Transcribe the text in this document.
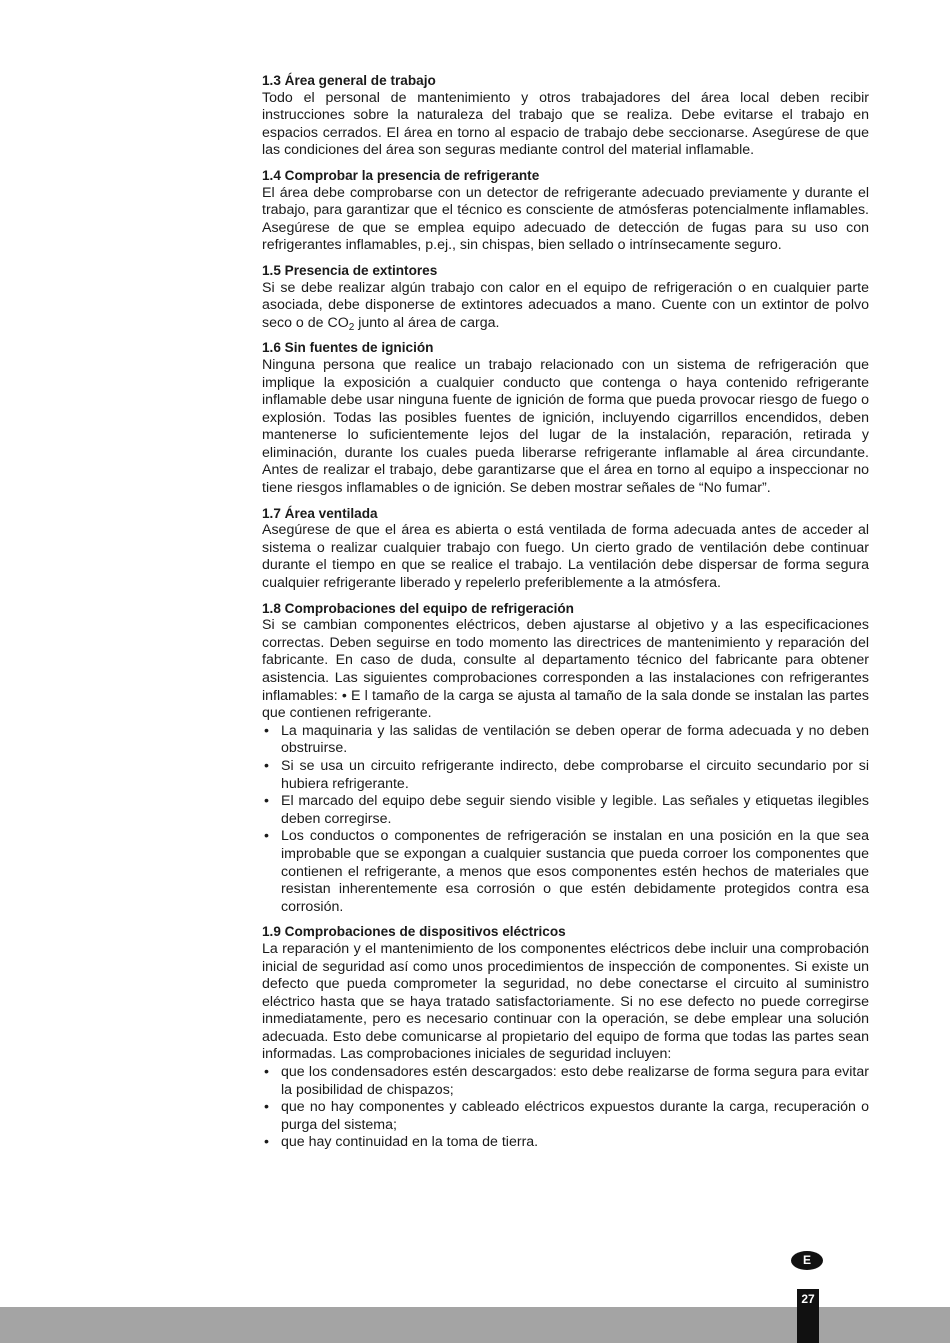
1.3 Área general de trabajo
Todo el personal de mantenimiento y otros trabajadores del área local deben recibir instrucciones sobre la naturaleza del trabajo que se realiza. Debe evitarse el trabajo en espacios cerrados. El área en torno al espacio de trabajo debe seccionarse. Asegúrese de que las condiciones del área son seguras mediante control del material inflamable.
1.4 Comprobar la presencia de refrigerante
El área debe comprobarse con un detector de refrigerante adecuado previamente y durante el trabajo, para garantizar que el técnico es consciente de atmósferas potencialmente inflamables. Asegúrese de que se emplea equipo adecuado de detección de fugas para su uso con refrigerantes inflamables, p.ej., sin chispas, bien sellado o intrínsecamente seguro.
1.5 Presencia de extintores
Si se debe realizar algún trabajo con calor en el equipo de refrigeración o en cualquier parte asociada, debe disponerse de extintores adecuados a mano. Cuente con un extintor de polvo seco o de $CO_2$ junto al área de carga.
1.6 Sin fuentes de ignición
Ninguna persona que realice un trabajo relacionado con un sistema de refrigeración que implique la exposición a cualquier conducto que contenga o haya contenido refrigerante inflamable debe usar ninguna fuente de ignición de forma que pueda provocar riesgo de fuego o explosión. Todas las posibles fuentes de ignición, incluyendo cigarrillos encendidos, deben mantenerse lo suficientemente lejos del lugar de la instalación, reparación, retirada y eliminación, durante los cuales pueda liberarse refrigerante inflamable al área circundante. Antes de realizar el trabajo, debe garantizarse que el área en torno al equipo a inspeccionar no tiene riesgos inflamables o de ignición. Se deben mostrar señales de “No fumar”.
1.7 Área ventilada
Asegúrese de que el área es abierta o está ventilada de forma adecuada antes de acceder al sistema o realizar cualquier trabajo con fuego. Un cierto grado de ventilación debe continuar durante el tiempo en que se realice el trabajo. La ventilación debe dispersar de forma segura cualquier refrigerante liberado y repelerlo preferiblemente a la atmósfera.
1.8 Comprobaciones del equipo de refrigeración
Si se cambian componentes eléctricos, deben ajustarse al objetivo y a las especificaciones correctas. Deben seguirse en todo momento las directrices de mantenimiento y reparación del fabricante. En caso de duda, consulte al departamento técnico del fabricante para obtener asistencia. Las siguientes comprobaciones corresponden a las instalaciones con refrigerantes inflamables: • E l tamaño de la carga se ajusta al tamaño de la sala donde se instalan las partes que contienen refrigerante.
• La maquinaria y las salidas de ventilación se deben operar de forma adecuada y no deben obstruirse.
• Si se usa un circuito refrigerante indirecto, debe comprobarse el circuito secundario por si hubiera refrigerante.
• El marcado del equipo debe seguir siendo visible y legible. Las señales y etiquetas ilegibles deben corregirse.
• Los conductos o componentes de refrigeración se instalan en una posición en la que sea improbable que se expongan a cualquier sustancia que pueda corroer los componentes que contienen el refrigerante, a menos que esos componentes estén hechos de materiales que resistan inherentemente esa corrosión o que estén debidamente protegidos contra esa corrosión.
1.9 Comprobaciones de dispositivos eléctricos
La reparación y el mantenimiento de los componentes eléctricos debe incluir una comprobación inicial de seguridad así como unos procedimientos de inspección de componentes. Si existe un defecto que pueda comprometer la seguridad, no debe conectarse el circuito al suministro eléctrico hasta que se haya tratado satisfactoriamente. Si no ese defecto no puede corregirse inmediatamente, pero es necesario continuar con la operación, se debe emplear una solución adecuada. Esto debe comunicarse al propietario del equipo de forma que todas las partes sean informadas. Las comprobaciones iniciales de seguridad incluyen:
• que los condensadores estén descargados: esto debe realizarse de forma segura para evitar la posibilidad de chispazos;
• que no hay componentes y cableado eléctricos expuestos durante la carga, recuperación o purga del sistema;
• que hay continuidad en la toma de tierra.
E
27
